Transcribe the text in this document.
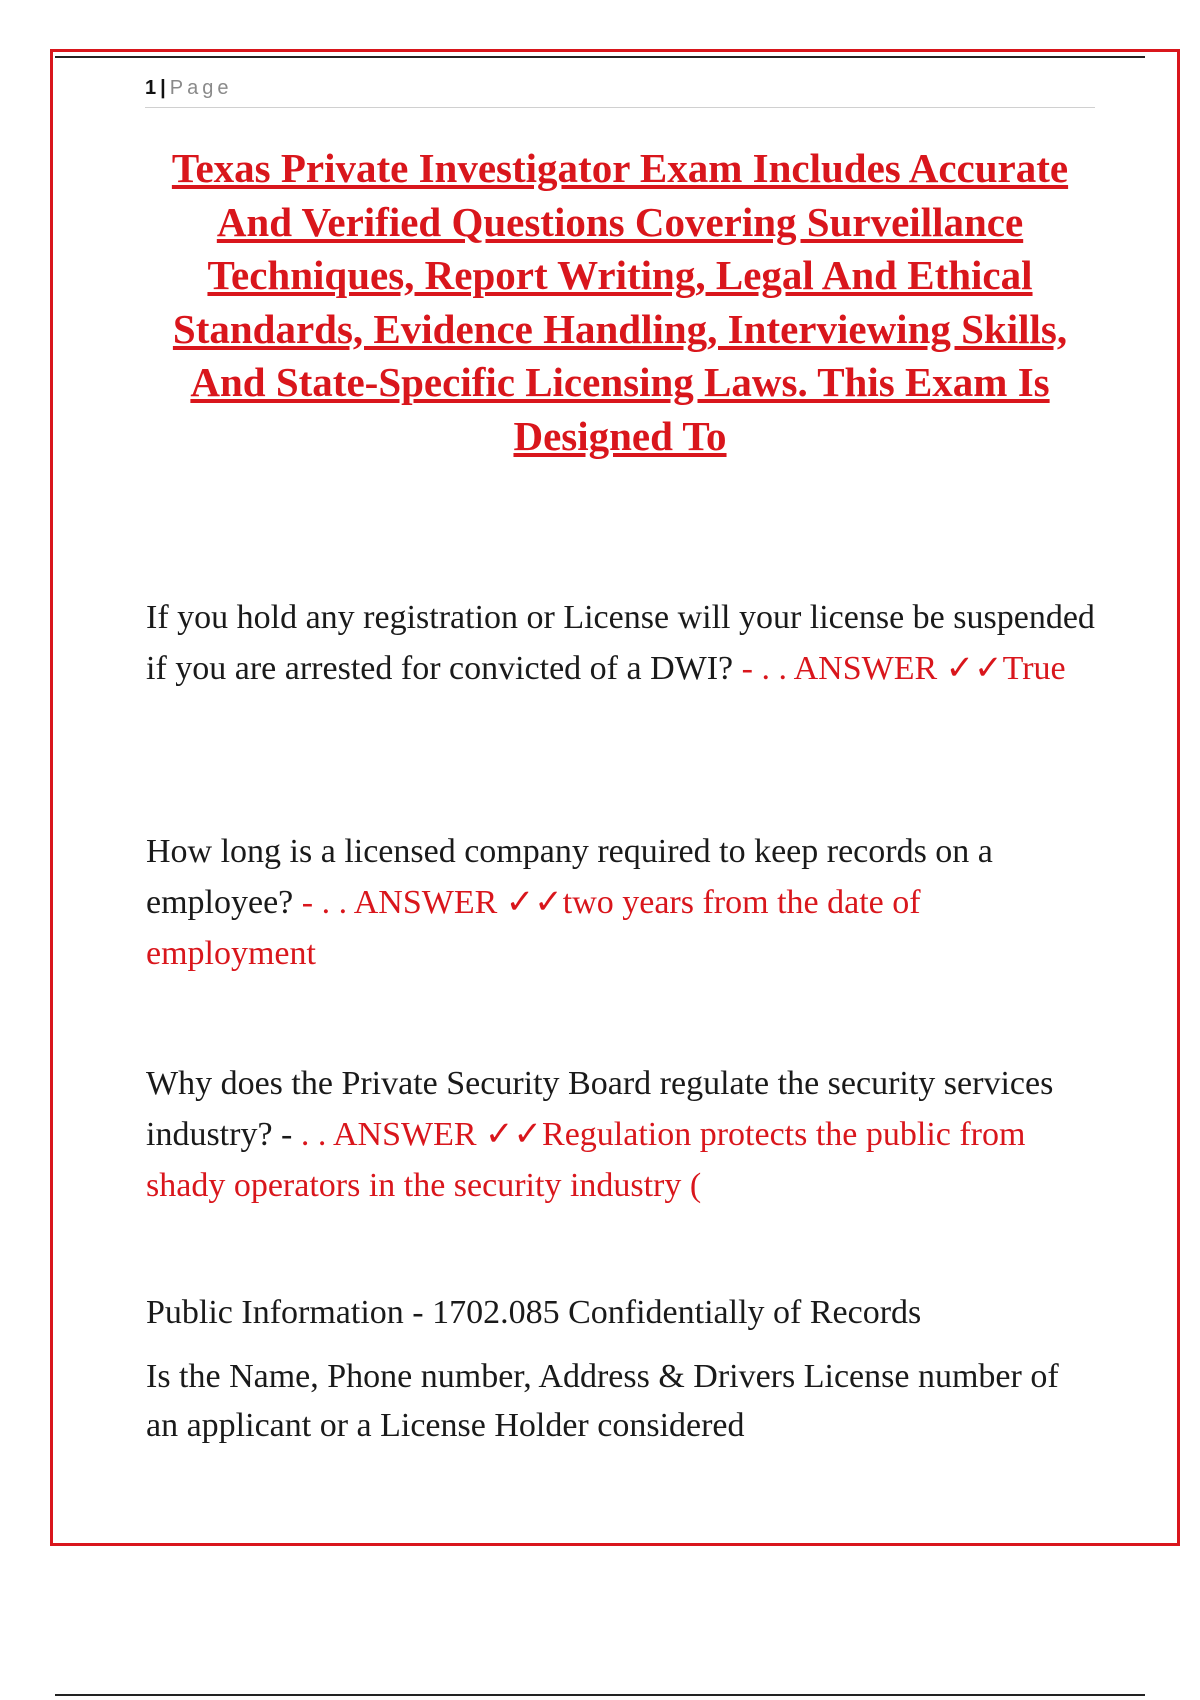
1 | Page
Texas Private Investigator Exam Includes Accurate And Verified Questions Covering Surveillance Techniques, Report Writing, Legal And Ethical Standards, Evidence Handling, Interviewing Skills, And State-Specific Licensing Laws. This Exam Is Designed To
If you hold any registration or License will your license be suspended if you are arrested for convicted of a DWI? - . . ANSWER ✓✓True
How long is a licensed company required to keep records on a employee? - . . ANSWER ✓✓two years from the date of employment
Why does the Private Security Board regulate the security services industry? - . . ANSWER ✓✓Regulation protects the public from shady operators in the security industry (
Public Information - 1702.085 Confidentially of Records
Is the Name, Phone number, Address & Drivers License number of an applicant or a License Holder considered
